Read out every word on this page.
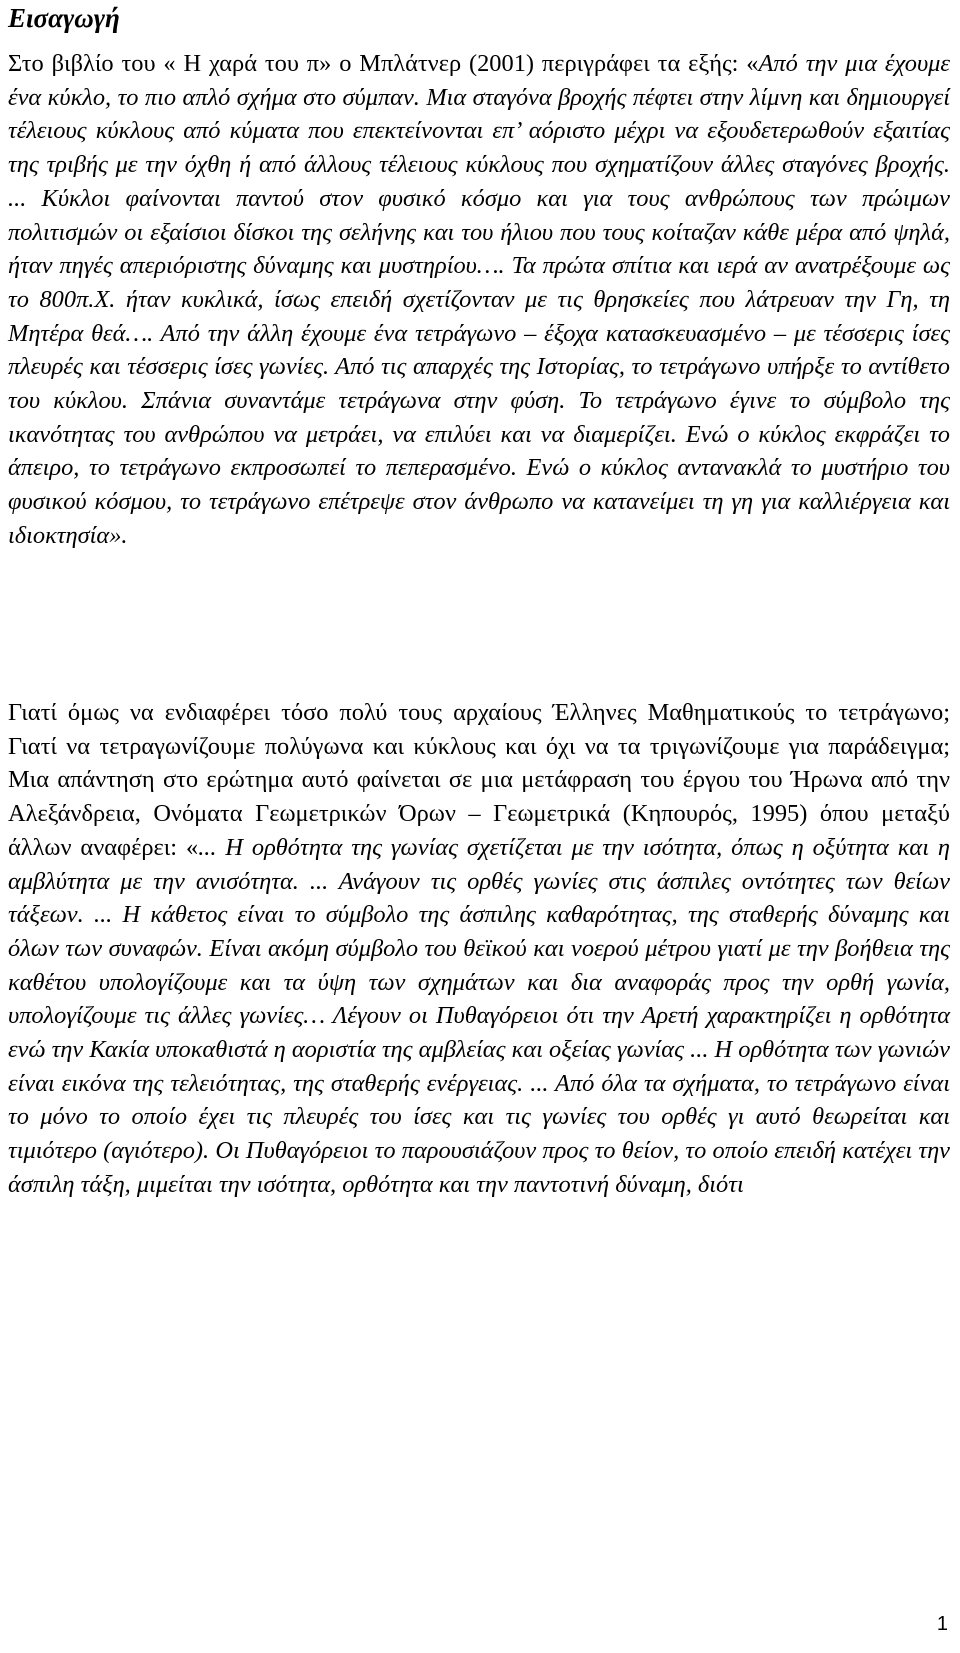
Εισαγωγή

Στο βιβλίο του « Η χαρά του π» ο Μπλάτνερ (2001) περιγράφει τα εξής: «Από την μια έχουμε ένα κύκλο, το πιο απλό σχήμα στο σύμπαν. Μια σταγόνα βροχής πέφτει στην λίμνη και δημιουργεί τέλειους κύκλους από κύματα που επεκτείνονται επ’ αόριστο μέχρι να εξουδετερωθούν εξαιτίας της τριβής με την όχθη ή από άλλους τέλειους κύκλους που σχηματίζουν άλλες σταγόνες βροχής. ... Κύκλοι φαίνονται παντού στον φυσικό κόσμο και για τους ανθρώπους των πρώιμων πολιτισμών οι εξαίσιοι δίσκοι της σελήνης και του ήλιου που τους κοίταζαν κάθε μέρα από ψηλά, ήταν πηγές απεριόριστης δύναμης και μυστηρίου…. Τα πρώτα σπίτια και ιερά αν ανατρέξουμε ως το 800π.Χ. ήταν κυκλικά, ίσως επειδή σχετίζονταν με τις θρησκείες που λάτρευαν την Γη, τη Μητέρα θεά…. Από την άλλη έχουμε ένα τετράγωνο – έξοχα κατασκευασμένο – με τέσσερις ίσες πλευρές και τέσσερις ίσες γωνίες. Από τις απαρχές της Ιστορίας, το τετράγωνο υπήρξε το αντίθετο του κύκλου. Σπάνια συναντάμε τετράγωνα στην φύση. Το τετράγωνο έγινε το σύμβολο της ικανότητας του ανθρώπου να μετράει, να επιλύει και να διαμερίζει. Ενώ ο κύκλος εκφράζει το άπειρο, το τετράγωνο εκπροσωπεί το πεπερασμένο. Ενώ ο κύκλος αντανακλά το μυστήριο του φυσικού κόσμου, το τετράγωνο επέτρεψε στον άνθρωπο να κατανείμει τη γη για καλλιέργεια και ιδιοκτησία».

Γιατί όμως να ενδιαφέρει τόσο πολύ τους αρχαίους Έλληνες Μαθηματικούς το τετράγωνο; Γιατί να τετραγωνίζουμε πολύγωνα και κύκλους και όχι να τα τριγωνίζουμε για παράδειγμα; Μια απάντηση στο ερώτημα αυτό φαίνεται σε μια μετάφραση του έργου του Ήρωνα από την Αλεξάνδρεια, Ονόματα Γεωμετρικών Όρων – Γεωμετρικά (Κηπουρός, 1995) όπου μεταξύ άλλων αναφέρει: «... Η ορθότητα της γωνίας σχετίζεται με την ισότητα, όπως η οξύτητα και η αμβλύτητα με την ανισότητα. ... Ανάγουν τις ορθές γωνίες στις άσπιλες οντότητες των θείων τάξεων. ... Η κάθετος είναι το σύμβολο της άσπιλης καθαρότητας, της σταθερής δύναμης και όλων των συναφών. Είναι ακόμη σύμβολο του θεϊκού και νοερού μέτρου γιατί με την βοήθεια της καθέτου υπολογίζουμε και τα ύψη των σχημάτων και δια αναφοράς προς την ορθή γωνία, υπολογίζουμε τις άλλες γωνίες… Λέγουν οι Πυθαγόρειοι ότι την Αρετή χαρακτηρίζει η ορθότητα ενώ την Κακία υποκαθιστά η αοριστία της αμβλείας και οξείας γωνίας ... Η ορθότητα των γωνιών είναι εικόνα της τελειότητας, της σταθερής ενέργειας. ... Από όλα τα σχήματα, το τετράγωνο είναι το μόνο το οποίο έχει τις πλευρές του ίσες και τις γωνίες του ορθές γι αυτό θεωρείται και τιμιότερο (αγιότερο). Οι Πυθαγόρειοι το παρουσιάζουν προς το θείον, το οποίο επειδή κατέχει την άσπιλη τάξη, μιμείται την ισότητα, ορθότητα και την παντοτινή δύναμη, διότι

1
